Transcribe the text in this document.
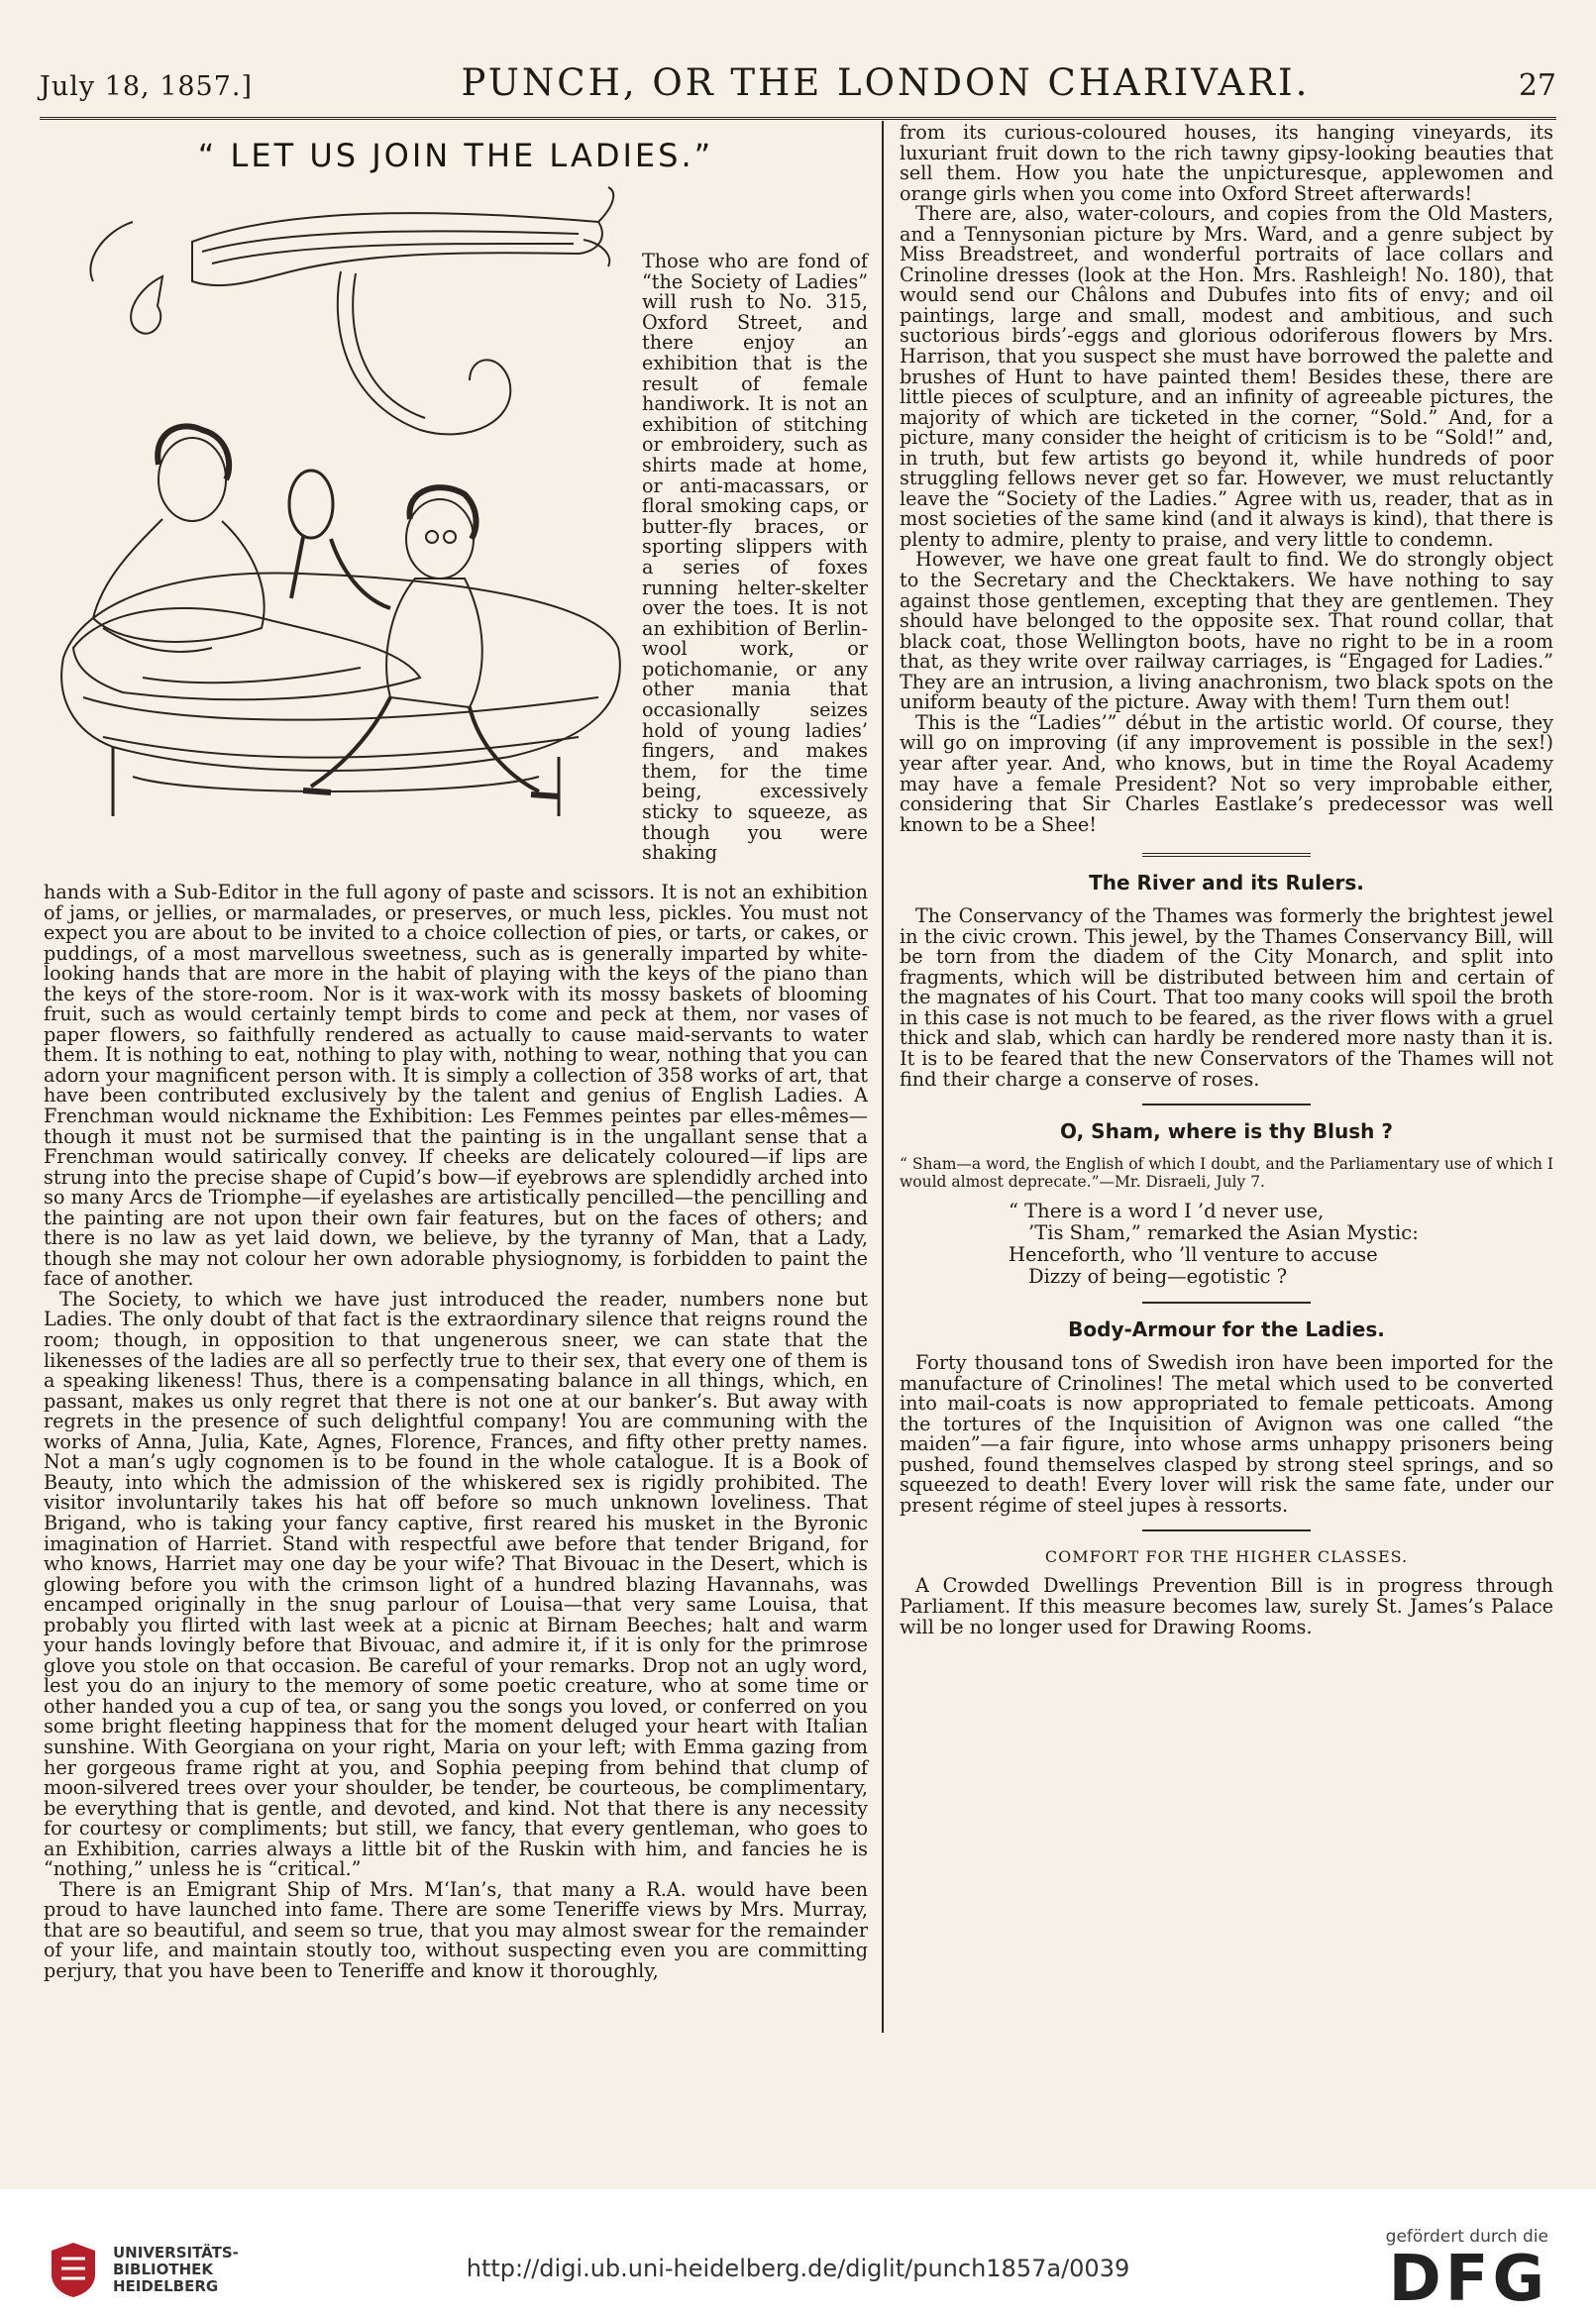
July 18, 1857.]	PUNCH, OR THE LONDON CHARIVARI.	27
“ LET US JOIN THE LADIES.”

Those who are fond of “the Society of Ladies” will rush to No. 315, Oxford Street, and there enjoy an exhibition that is the result of female handiwork. It is not an exhibition of stitching or embroidery, such as shirts made at home, or anti-macassars, or floral smoking caps, or butter-fly braces, or sporting slippers with a series of foxes running helter-skelter over the toes. It is not an exhibition of Berlin-wool work, or potichomanie, or any other mania that occasionally seizes hold of young ladies’ fingers, and makes them, for the time being, excessively sticky to squeeze, as though you were shaking

hands with a Sub-Editor in the full agony of paste and scissors. It is not an exhibition of jams, or jellies, or marmalades, or preserves, or much less, pickles. You must not expect you are about to be invited to a choice collection of pies, or tarts, or cakes, or puddings, of a most marvellous sweetness, such as is generally imparted by white-looking hands that are more in the habit of playing with the keys of the piano than the keys of the store-room. Nor is it wax-work with its mossy baskets of blooming fruit, such as would certainly tempt birds to come and peck at them, nor vases of paper flowers, so faithfully rendered as actually to cause maid-servants to water them. It is nothing to eat, nothing to play with, nothing to wear, nothing that you can adorn your magnificent person with. It is simply a collection of 358 works of art, that have been contributed exclusively by the talent and genius of English Ladies. A Frenchman would nickname the Exhibition: Les Femmes peintes par elles-mêmes—though it must not be surmised that the painting is in the ungallant sense that a Frenchman would satirically convey. If cheeks are delicately coloured—if lips are strung into the precise shape of Cupid’s bow—if eyebrows are splendidly arched into so many Arcs de Triomphe—if eyelashes are artistically pencilled—the pencilling and the painting are not upon their own fair features, but on the faces of others; and there is no law as yet laid down, we believe, by the tyranny of Man, that a Lady, though she may not colour her own adorable physiognomy, is forbidden to paint the face of another.

The Society, to which we have just introduced the reader, numbers none but Ladies. The only doubt of that fact is the extraordinary silence that reigns round the room; though, in opposition to that ungenerous sneer, we can state that the likenesses of the ladies are all so perfectly true to their sex, that every one of them is a speaking likeness! Thus, there is a compensating balance in all things, which, en passant, makes us only regret that there is not one at our banker’s. But away with regrets in the presence of such delightful company! You are communing with the works of Anna, Julia, Kate, Agnes, Florence, Frances, and fifty other pretty names. Not a man’s ugly cognomen is to be found in the whole catalogue. It is a Book of Beauty, into which the admission of the whiskered sex is rigidly prohibited. The visitor involuntarily takes his hat off before so much unknown loveliness. That Brigand, who is taking your fancy captive, first reared his musket in the Byronic imagination of Harriet. Stand with respectful awe before that tender Brigand, for who knows, Harriet may one day be your wife? That Bivouac in the Desert, which is glowing before you with the crimson light of a hundred blazing Havannahs, was encamped originally in the snug parlour of Louisa—that very same Louisa, that probably you flirted with last week at a picnic at Birnam Beeches; halt and warm your hands lovingly before that Bivouac, and admire it, if it is only for the primrose glove you stole on that occasion. Be careful of your remarks. Drop not an ugly word, lest you do an injury to the memory of some poetic creature, who at some time or other handed you a cup of tea, or sang you the songs you loved, or conferred on you some bright fleeting happiness that for the moment deluged your heart with Italian sunshine. With Georgiana on your right, Maria on your left; with Emma gazing from her gorgeous frame right at you, and Sophia peeping from behind that clump of moon-silvered trees over your shoulder, be tender, be courteous, be complimentary, be everything that is gentle, and devoted, and kind. Not that there is any necessity for courtesy or compliments; but still, we fancy, that every gentleman, who goes to an Exhibition, carries always a little bit of the Ruskin with him, and fancies he is “nothing,” unless he is “critical.”

There is an Emigrant Ship of Mrs. M‘Ian’s, that many a R.A. would have been proud to have launched into fame. There are some Teneriffe views by Mrs. Murray, that are so beautiful, and seem so true, that you may almost swear for the remainder of your life, and maintain stoutly too, without suspecting even you are committing perjury, that you have been to Teneriffe and know it thoroughly,

from its curious-coloured houses, its hanging vineyards, its luxuriant fruit down to the rich tawny gipsy-looking beauties that sell them. How you hate the unpicturesque, applewomen and orange girls when you come into Oxford Street afterwards!

There are, also, water-colours, and copies from the Old Masters, and a Tennysonian picture by Mrs. Ward, and a genre subject by Miss Breadstreet, and wonderful portraits of lace collars and Crinoline dresses (look at the Hon. Mrs. Rashleigh! No. 180), that would send our Châlons and Dubufes into fits of envy; and oil paintings, large and small, modest and ambitious, and such suctorious birds’-eggs and glorious odoriferous flowers by Mrs. Harrison, that you suspect she must have borrowed the palette and brushes of Hunt to have painted them! Besides these, there are little pieces of sculpture, and an infinity of agreeable pictures, the majority of which are ticketed in the corner, “Sold.” And, for a picture, many consider the height of criticism is to be “Sold!” and, in truth, but few artists go beyond it, while hundreds of poor struggling fellows never get so far. However, we must reluctantly leave the “Society of the Ladies.” Agree with us, reader, that as in most societies of the same kind (and it always is kind), that there is plenty to admire, plenty to praise, and very little to condemn.

However, we have one great fault to find. We do strongly object to the Secretary and the Checktakers. We have nothing to say against those gentlemen, excepting that they are gentlemen. They should have belonged to the opposite sex. That round collar, that black coat, those Wellington boots, have no right to be in a room that, as they write over railway carriages, is “Engaged for Ladies.” They are an intrusion, a living anachronism, two black spots on the uniform beauty of the picture. Away with them! Turn them out!

This is the “Ladies’” début in the artistic world. Of course, they will go on improving (if any improvement is possible in the sex!) year after year. And, who knows, but in time the Royal Academy may have a female President? Not so very improbable either, considering that Sir Charles Eastlake’s predecessor was well known to be a Shee!

The River and its Rulers.

The Conservancy of the Thames was formerly the brightest jewel in the civic crown. This jewel, by the Thames Conservancy Bill, will be torn from the diadem of the City Monarch, and split into fragments, which will be distributed between him and certain of the magnates of his Court. That too many cooks will spoil the broth in this case is not much to be feared, as the river flows with a gruel thick and slab, which can hardly be rendered more nasty than it is. It is to be feared that the new Conservators of the Thames will not find their charge a conserve of roses.

O, Sham, where is thy Blush ?

“ Sham—a word, the English of which I doubt, and the Parliamentary use of which I would almost deprecate.”—Mr. Disraeli, July 7.

“ There is a word I ’d never use,
’Tis Sham,” remarked the Asian Mystic:
Henceforth, who ’ll venture to accuse
Dizzy of being—egotistic ?
Body-Armour for the Ladies.

Forty thousand tons of Swedish iron have been imported for the manufacture of Crinolines! The metal which used to be converted into mail-coats is now appropriated to female petticoats. Among the tortures of the Inquisition of Avignon was one called “the maiden”—a fair figure, into whose arms unhappy prisoners being pushed, found themselves clasped by strong steel springs, and so squeezed to death! Every lover will risk the same fate, under our present régime of steel jupes à ressorts.

COMFORT FOR THE HIGHER CLASSES.

A Crowded Dwellings Prevention Bill is in progress through Parliament. If this measure becomes law, surely St. James’s Palace will be no longer used for Drawing Rooms.

UNIVERSITÄTS-
BIBLIOTHEK
HEIDELBERG
http://digi.ub.uni-heidelberg.de/diglit/punch1857a/0039
gefördert durch die
DFG
